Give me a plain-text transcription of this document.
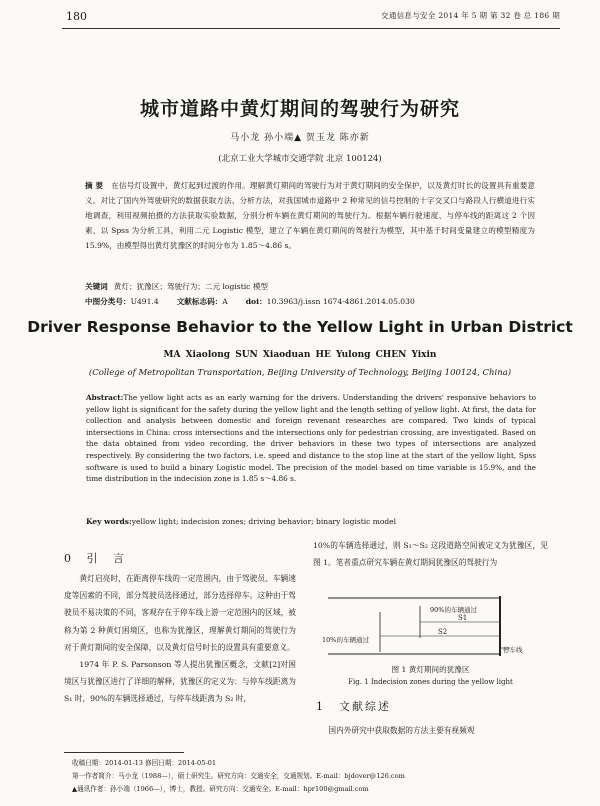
180	交通信息与安全 2014 年 5 期 第 32 卷 总 186 期
城市道路中黄灯期间的驾驶行为研究
马小龙 孙小端▲ 贺玉龙 陈亦新
(北京工业大学城市交通学院 北京 100124)
摘 要 在信号灯设置中，黄灯起到过渡的作用。理解黄灯期间的驾驶行为对于黄灯期间的安全保护，以及黄灯时长的设置具有重要意义。对比了国内外驾驶研究的数据获取方法、分析方法，对我国城市道路中 2 种常见的信号控制的十字交叉口与路段人行横道进行实地调查，利用视频拍摄的方法获取实验数据，分别分析车辆在黄灯期间的驾驶行为。根据车辆行驶速度、与停车线的距离这 2 个因素，以 Spss 为分析工具，利用二元 Logistic 模型，建立了车辆在黄灯期间的驾驶行为模型，其中基于时间变量建立的模型精度为 15.9%，由模型得出黄灯犹豫区的时间分布为 1.85～4.86 s。
关键词 黄灯；犹豫区；驾驶行为；二元 logistic 模型
中图分类号：U491.4 文献标志码：A doi：10.3963/j.issn 1674-4861.2014.05.030
Driver Response Behavior to the Yellow Light in Urban District
MA Xiaolong SUN Xiaoduan HE Yulong CHEN Yixin
(College of Metropolitan Transportation, Beijing University of Technology, Beijing 100124, China)
Abstract:The yellow light acts as an early warning for the drivers. Understanding the drivers' responsive behaviors to yellow light is significant for the safety during the yellow light and the length setting of yellow light. At first, the data for collection and analysis between domestic and foreign revenant researches are compared. Two kinds of typical intersections in China: cross intersections and the intersections only for pedestrian crossing, are investigated. Based on the data obtained from video recording, the driver behaviors in these two types of intersections are analyzed respectively. By considering the two factors, i.e. speed and distance to the stop line at the start of the yellow light, Spss software is used to build a binary Logistic model. The precision of the model based on time variable is 15.9%, and the time distribution in the indecision zone is 1.85 s～4.86 s.
Key words:yellow light; indecision zones; driving behavior; binary logistic model
0 引 言

黄灯启亮时，在距离停车线的一定范围内，由于驾驶员、车辆速度等因素的不同，部分驾驶员选择通过，部分选择停车。这种由于驾驶员不易决策的不同，客观存在于停车线上游一定范围内的区域，被称为第 2 种黄灯困境区，也称为犹豫区，理解黄灯期间的驾驶行为对于黄灯期间的安全保障，以及黄灯信号时长的设置具有重要意义。

1974 年 P. S. Parsonson 等人提出犹豫区概念，文献[2]对困境区与犹豫区进行了详细的解释，犹豫区的定义为：与停车线距离为 S₁ 时，90%的车辆选择通过，与停车线距离为 S₂ 时，

10%的车辆选择通过，则 S₁～S₂ 这段道路空间被定义为犹豫区，见图 1。笔者重点研究车辆在黄灯期间犹豫区的驾驶行为

90%的车辆通过
10%的车辆通过
S1
S2
停车线
图 1 黄灯期间的犹豫区
Fig. 1 Indecision zones during the yellow light
1 文献综述
国内外研究中获取数据的方法主要有视频观
收稿日期：2014-01-13 修回日期：2014-05-01
第一作者简介：马小龙（1988—），硕士研究生。研究方向：交通安全，交通规划。E-mail：bjdover@126.com
▲通讯作者：孙小端（1966—），博士，教授。研究方向：交通安全。E-mail：hpr100@gmail.com
